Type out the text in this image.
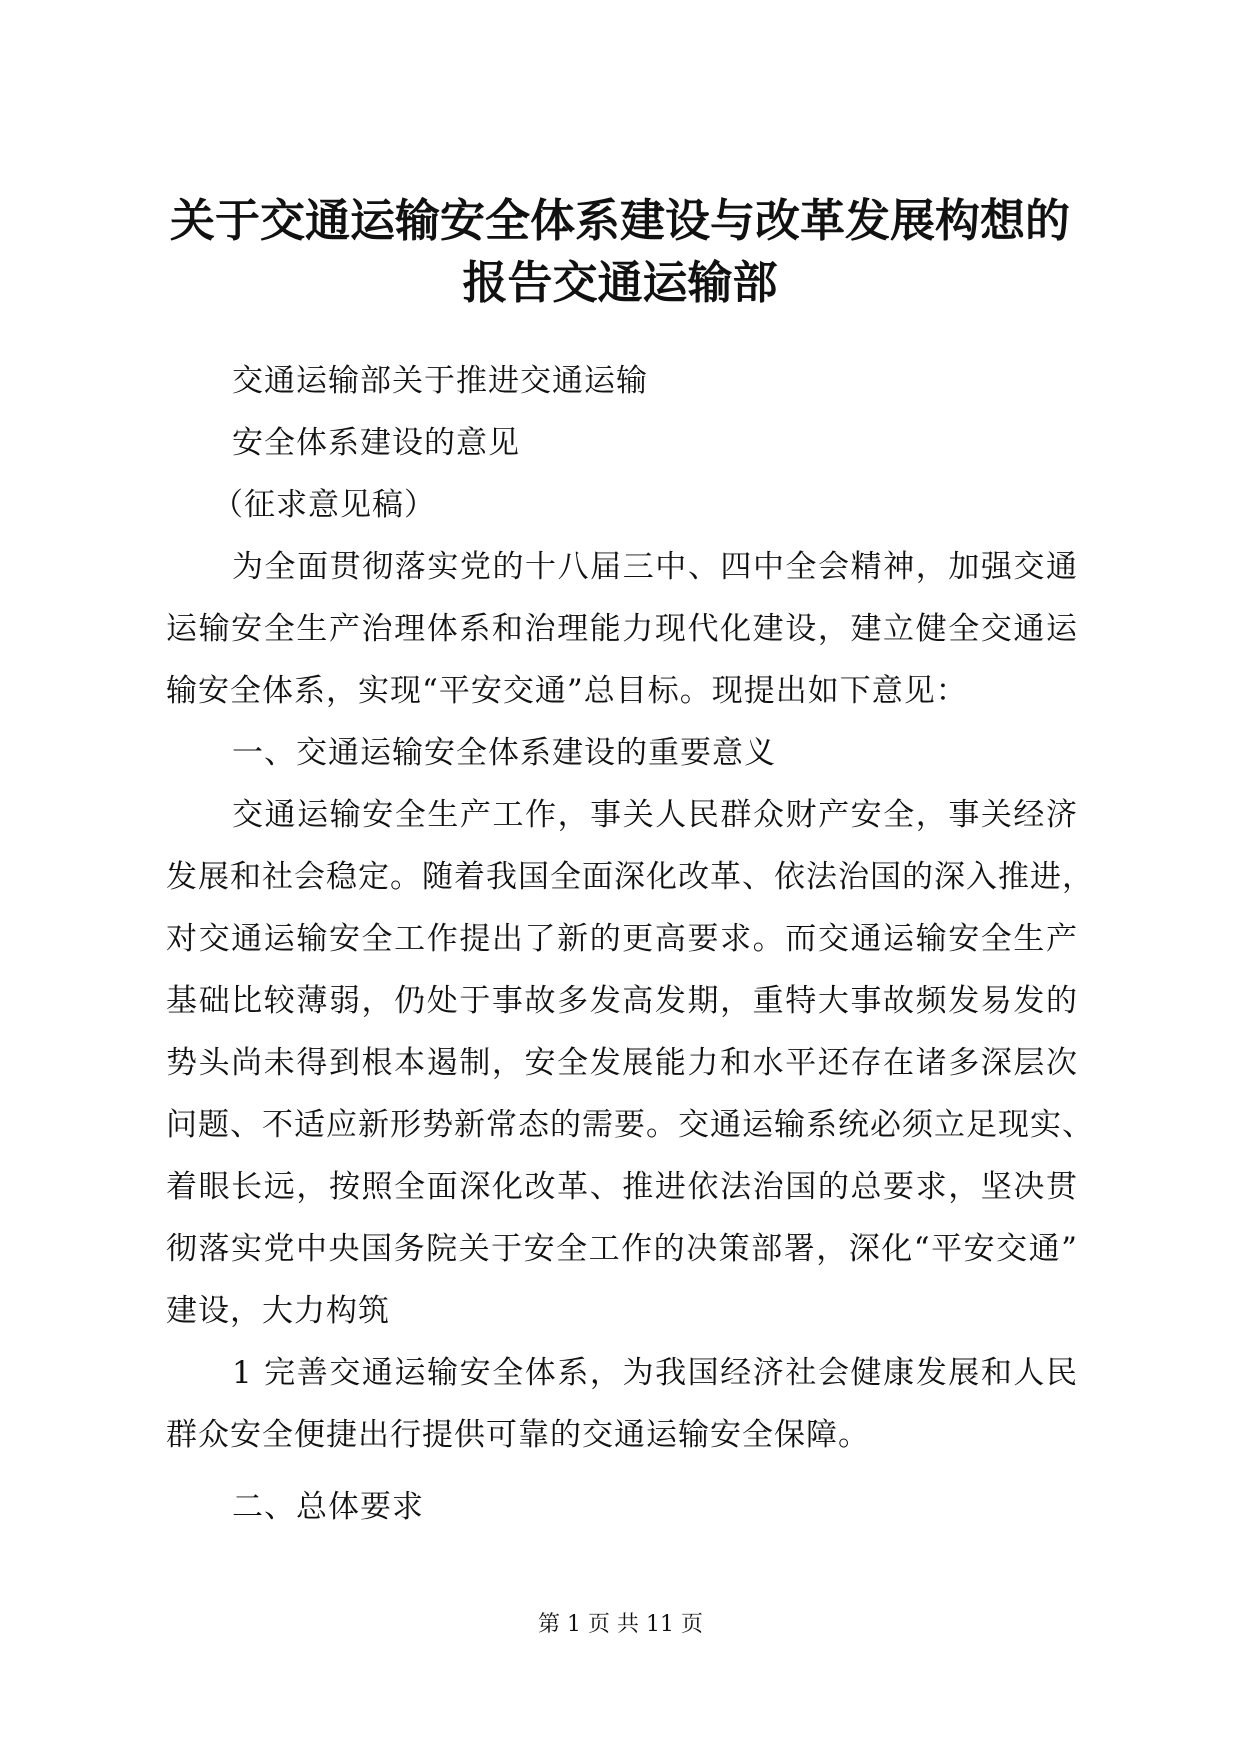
关于交通运输安全体系建设与改革发展构想的
报告交通运输部
交通运输部关于推进交通运输
安全体系建设的意见
（征求意见稿）
为全面贯彻落实党的十八届三中、四中全会精神，加强交通
运输安全生产治理体系和治理能力现代化建设，建立健全交通运
输安全体系，实现“平安交通”总目标。现提出如下意见：
一、交通运输安全体系建设的重要意义
交通运输安全生产工作，事关人民群众财产安全，事关经济
发展和社会稳定。随着我国全面深化改革、依法治国的深入推进，
对交通运输安全工作提出了新的更高要求。而交通运输安全生产
基础比较薄弱，仍处于事故多发高发期，重特大事故频发易发的
势头尚未得到根本遏制，安全发展能力和水平还存在诸多深层次
问题、不适应新形势新常态的需要。交通运输系统必须立足现实、
着眼长远，按照全面深化改革、推进依法治国的总要求，坚决贯
彻落实党中央国务院关于安全工作的决策部署，深化“平安交通”
建设，大力构筑
1 完善交通运输安全体系，为我国经济社会健康发展和人民
群众安全便捷出行提供可靠的交通运输安全保障。
二、总体要求
第 1 页 共 11 页
